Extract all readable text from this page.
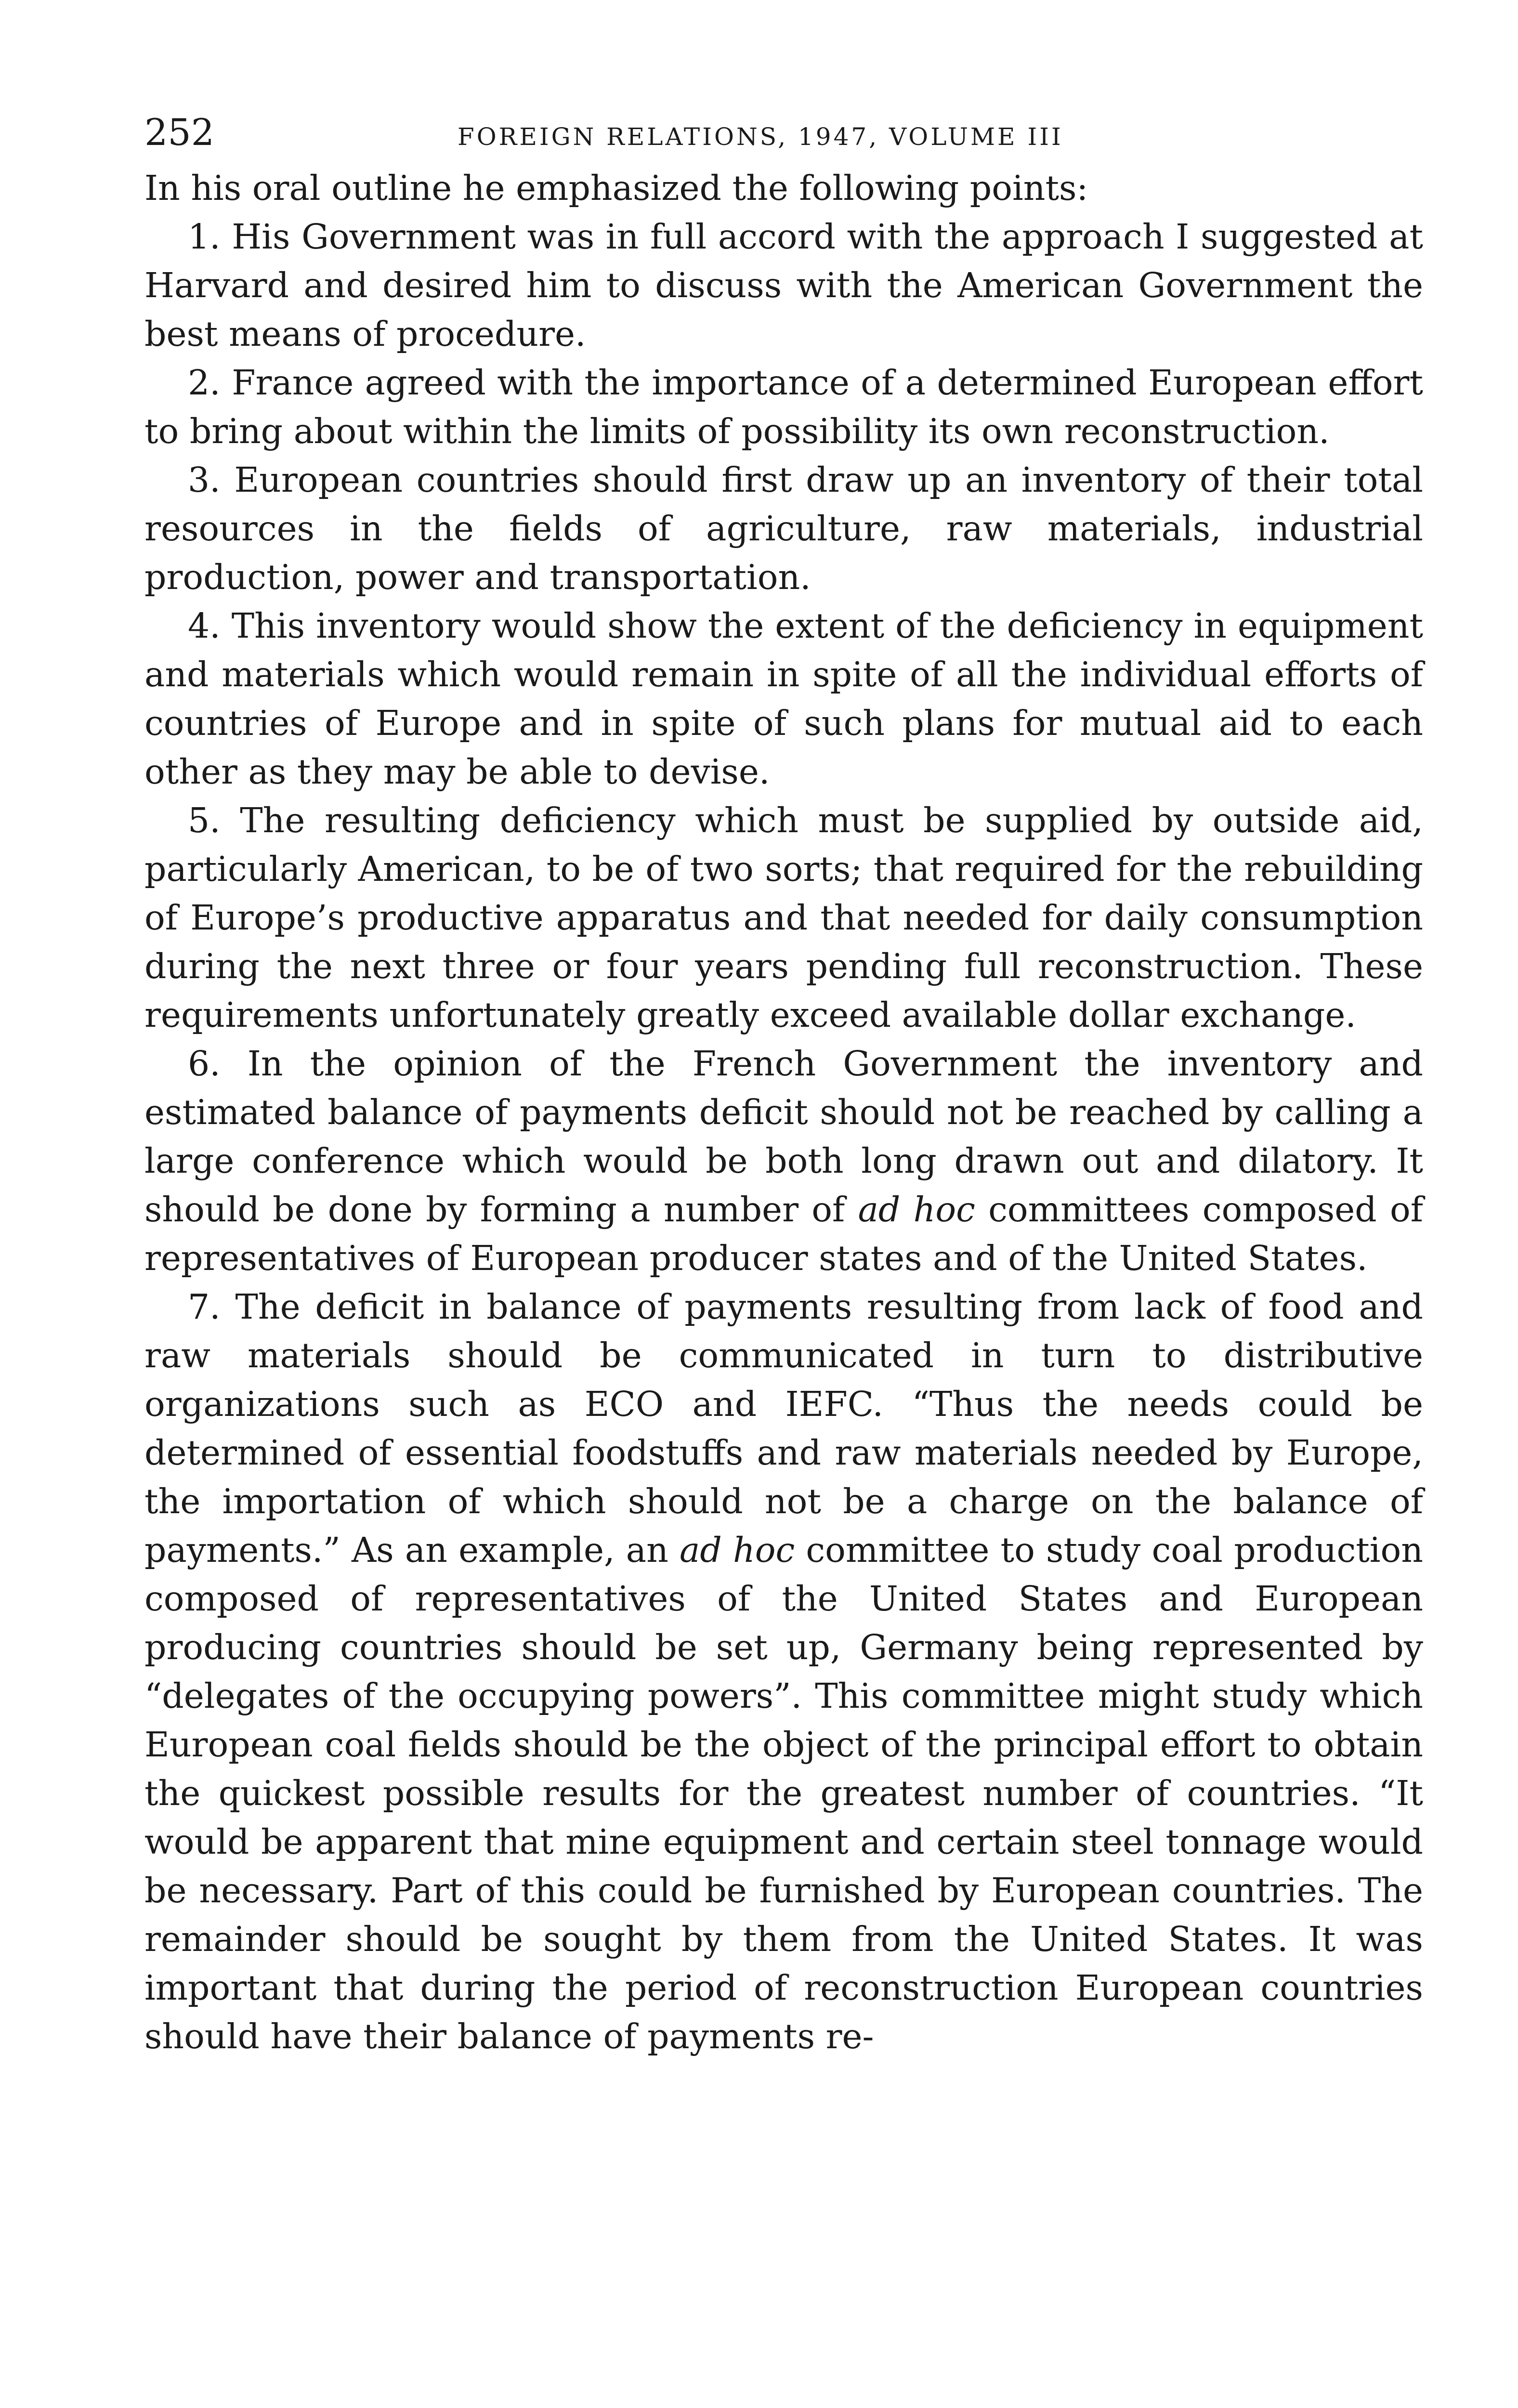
252	FOREIGN RELATIONS, 1947, VOLUME III

In his oral outline he emphasized the following points:

1. His Government was in full accord with the approach I suggested at Harvard and desired him to discuss with the American Government the best means of procedure.

2. France agreed with the importance of a determined European effort to bring about within the limits of possibility its own reconstruction.

3. European countries should first draw up an inventory of their total resources in the fields of agriculture, raw materials, industrial production, power and transportation.

4. This inventory would show the extent of the deficiency in equipment and materials which would remain in spite of all the individual efforts of countries of Europe and in spite of such plans for mutual aid to each other as they may be able to devise.

5. The resulting deficiency which must be supplied by outside aid, particularly American, to be of two sorts; that required for the rebuilding of Europe’s productive apparatus and that needed for daily consumption during the next three or four years pending full reconstruction. These requirements unfortunately greatly exceed available dollar exchange.

6. In the opinion of the French Government the inventory and estimated balance of payments deficit should not be reached by calling a large conference which would be both long drawn out and dilatory. It should be done by forming a number of ad hoc committees composed of representatives of European producer states and of the United States.

7. The deficit in balance of payments resulting from lack of food and raw materials should be communicated in turn to distributive organizations such as ECO and IEFC. “Thus the needs could be determined of essential foodstuffs and raw materials needed by Europe, the importation of which should not be a charge on the balance of payments.” As an example, an ad hoc committee to study coal production composed of representatives of the United States and European producing countries should be set up, Germany being represented by “delegates of the occupying powers”. This committee might study which European coal fields should be the object of the principal effort to obtain the quickest possible results for the greatest number of countries. “It would be apparent that mine equipment and certain steel tonnage would be necessary. Part of this could be furnished by European countries. The remainder should be sought by them from the United States. It was important that during the period of reconstruction European countries should have their balance of payments re-
